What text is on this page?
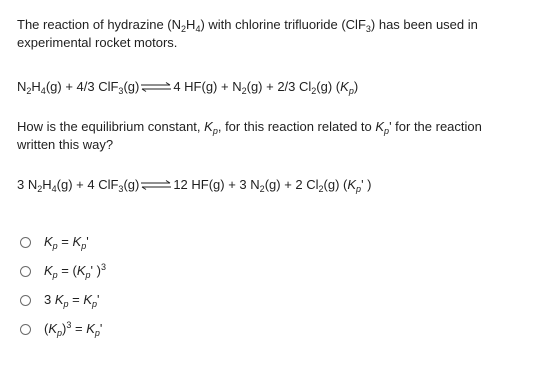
The reaction of hydrazine $(N_2H_4)$ with chlorine trifluoride (ClF$_3$) has been used in experimental rocket motors.
$N_2H_4(g) + 4/3$ ClF$_3$(g) ⇌ 4 $HF(g) + N_2(g) + 2/3$ $Cl_2(g)$ $(K_p)$
How is the equilibrium constant, $K_p$, for this reaction related to $K_p'$ for the reaction written this way?
3 $N_2H_4(g) + 4$ ClF$_3$(g) ⇌ 12 HF(g) + 3 $N_2(g) + 2$ $Cl_2(g)$ ($K_p'$ )
$K_p = K_p'$
$K_p = (K_p'$ )$^3$
3 $K_p = K_p'$
$(K_p)^3 = K_p'$
